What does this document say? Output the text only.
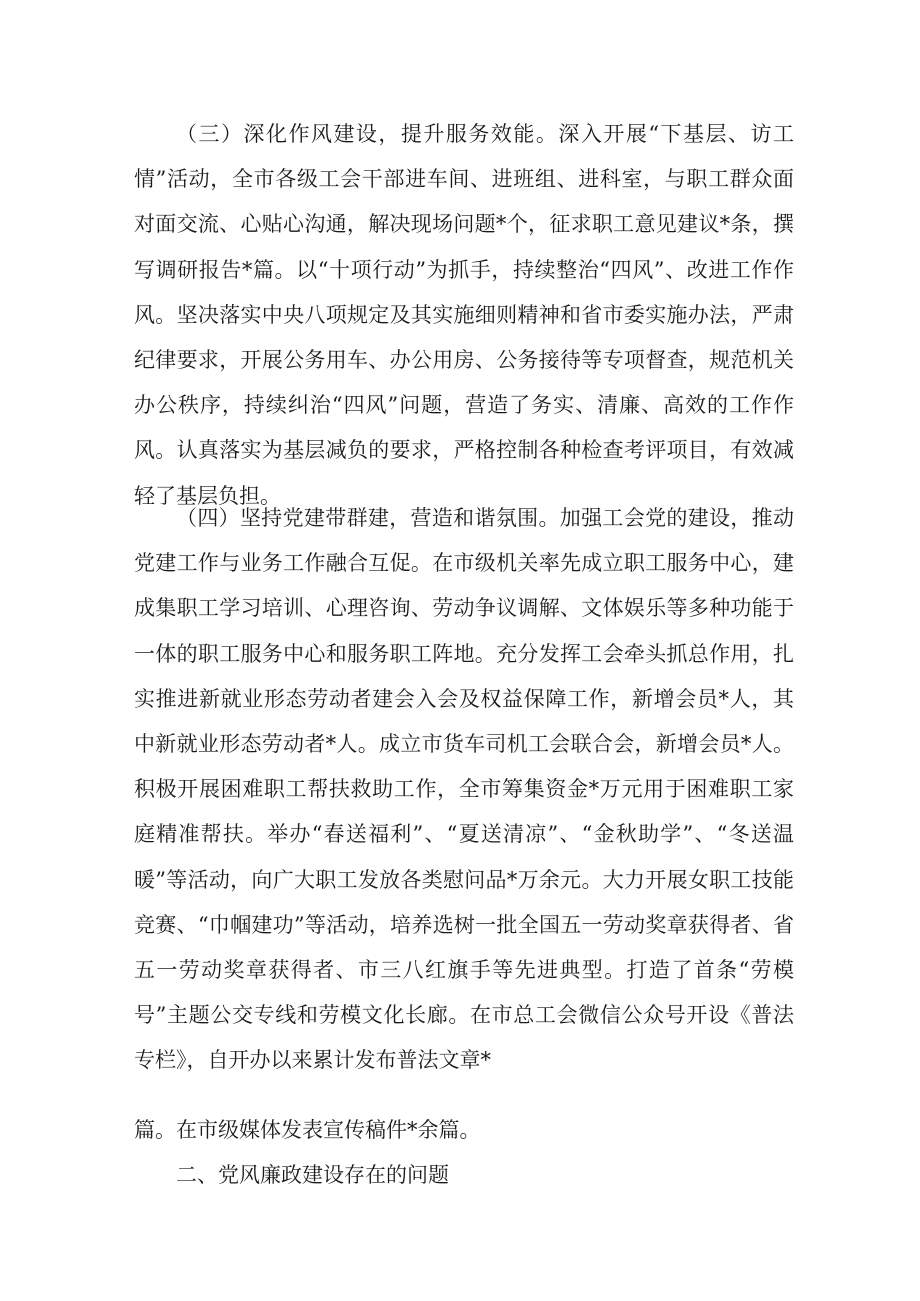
（三）深化作风建设，提升服务效能。深入开展“下基层、访工情”活动，全市各级工会干部进车间、进班组、进科室，与职工群众面对面交流、心贴心沟通，解决现场问题*个，征求职工意见建议*条，撰写调研报告*篇。以“十项行动”为抓手，持续整治“四风”、改进工作作风。坚决落实中央八项规定及其实施细则精神和省市委实施办法，严肃纪律要求，开展公务用车、办公用房、公务接待等专项督查，规范机关办公秩序，持续纠治“四风”问题，营造了务实、清廉、高效的工作作风。认真落实为基层减负的要求，严格控制各种检查考评项目，有效减轻了基层负担。

（四）坚持党建带群建，营造和谐氛围。加强工会党的建设，推动党建工作与业务工作融合互促。在市级机关率先成立职工服务中心，建成集职工学习培训、心理咨询、劳动争议调解、文体娱乐等多种功能于一体的职工服务中心和服务职工阵地。充分发挥工会牵头抓总作用，扎实推进新就业形态劳动者建会入会及权益保障工作，新增会员*人，其中新就业形态劳动者*人。成立市货车司机工会联合会，新增会员*人。积极开展困难职工帮扶救助工作，全市筹集资金*万元用于困难职工家庭精准帮扶。举办“春送福利”、“夏送清凉”、“金秋助学”、“冬送温暖”等活动，向广大职工发放各类慰问品*万余元。大力开展女职工技能竞赛、“巾帼建功”等活动，培养选树一批全国五一劳动奖章获得者、省五一劳动奖章获得者、市三八红旗手等先进典型。打造了首条“劳模号”主题公交专线和劳模文化长廊。在市总工会微信公众号开设《普法专栏》，自开办以来累计发布普法文章*

篇。在市级媒体发表宣传稿件*余篇。

二、党风廉政建设存在的问题
